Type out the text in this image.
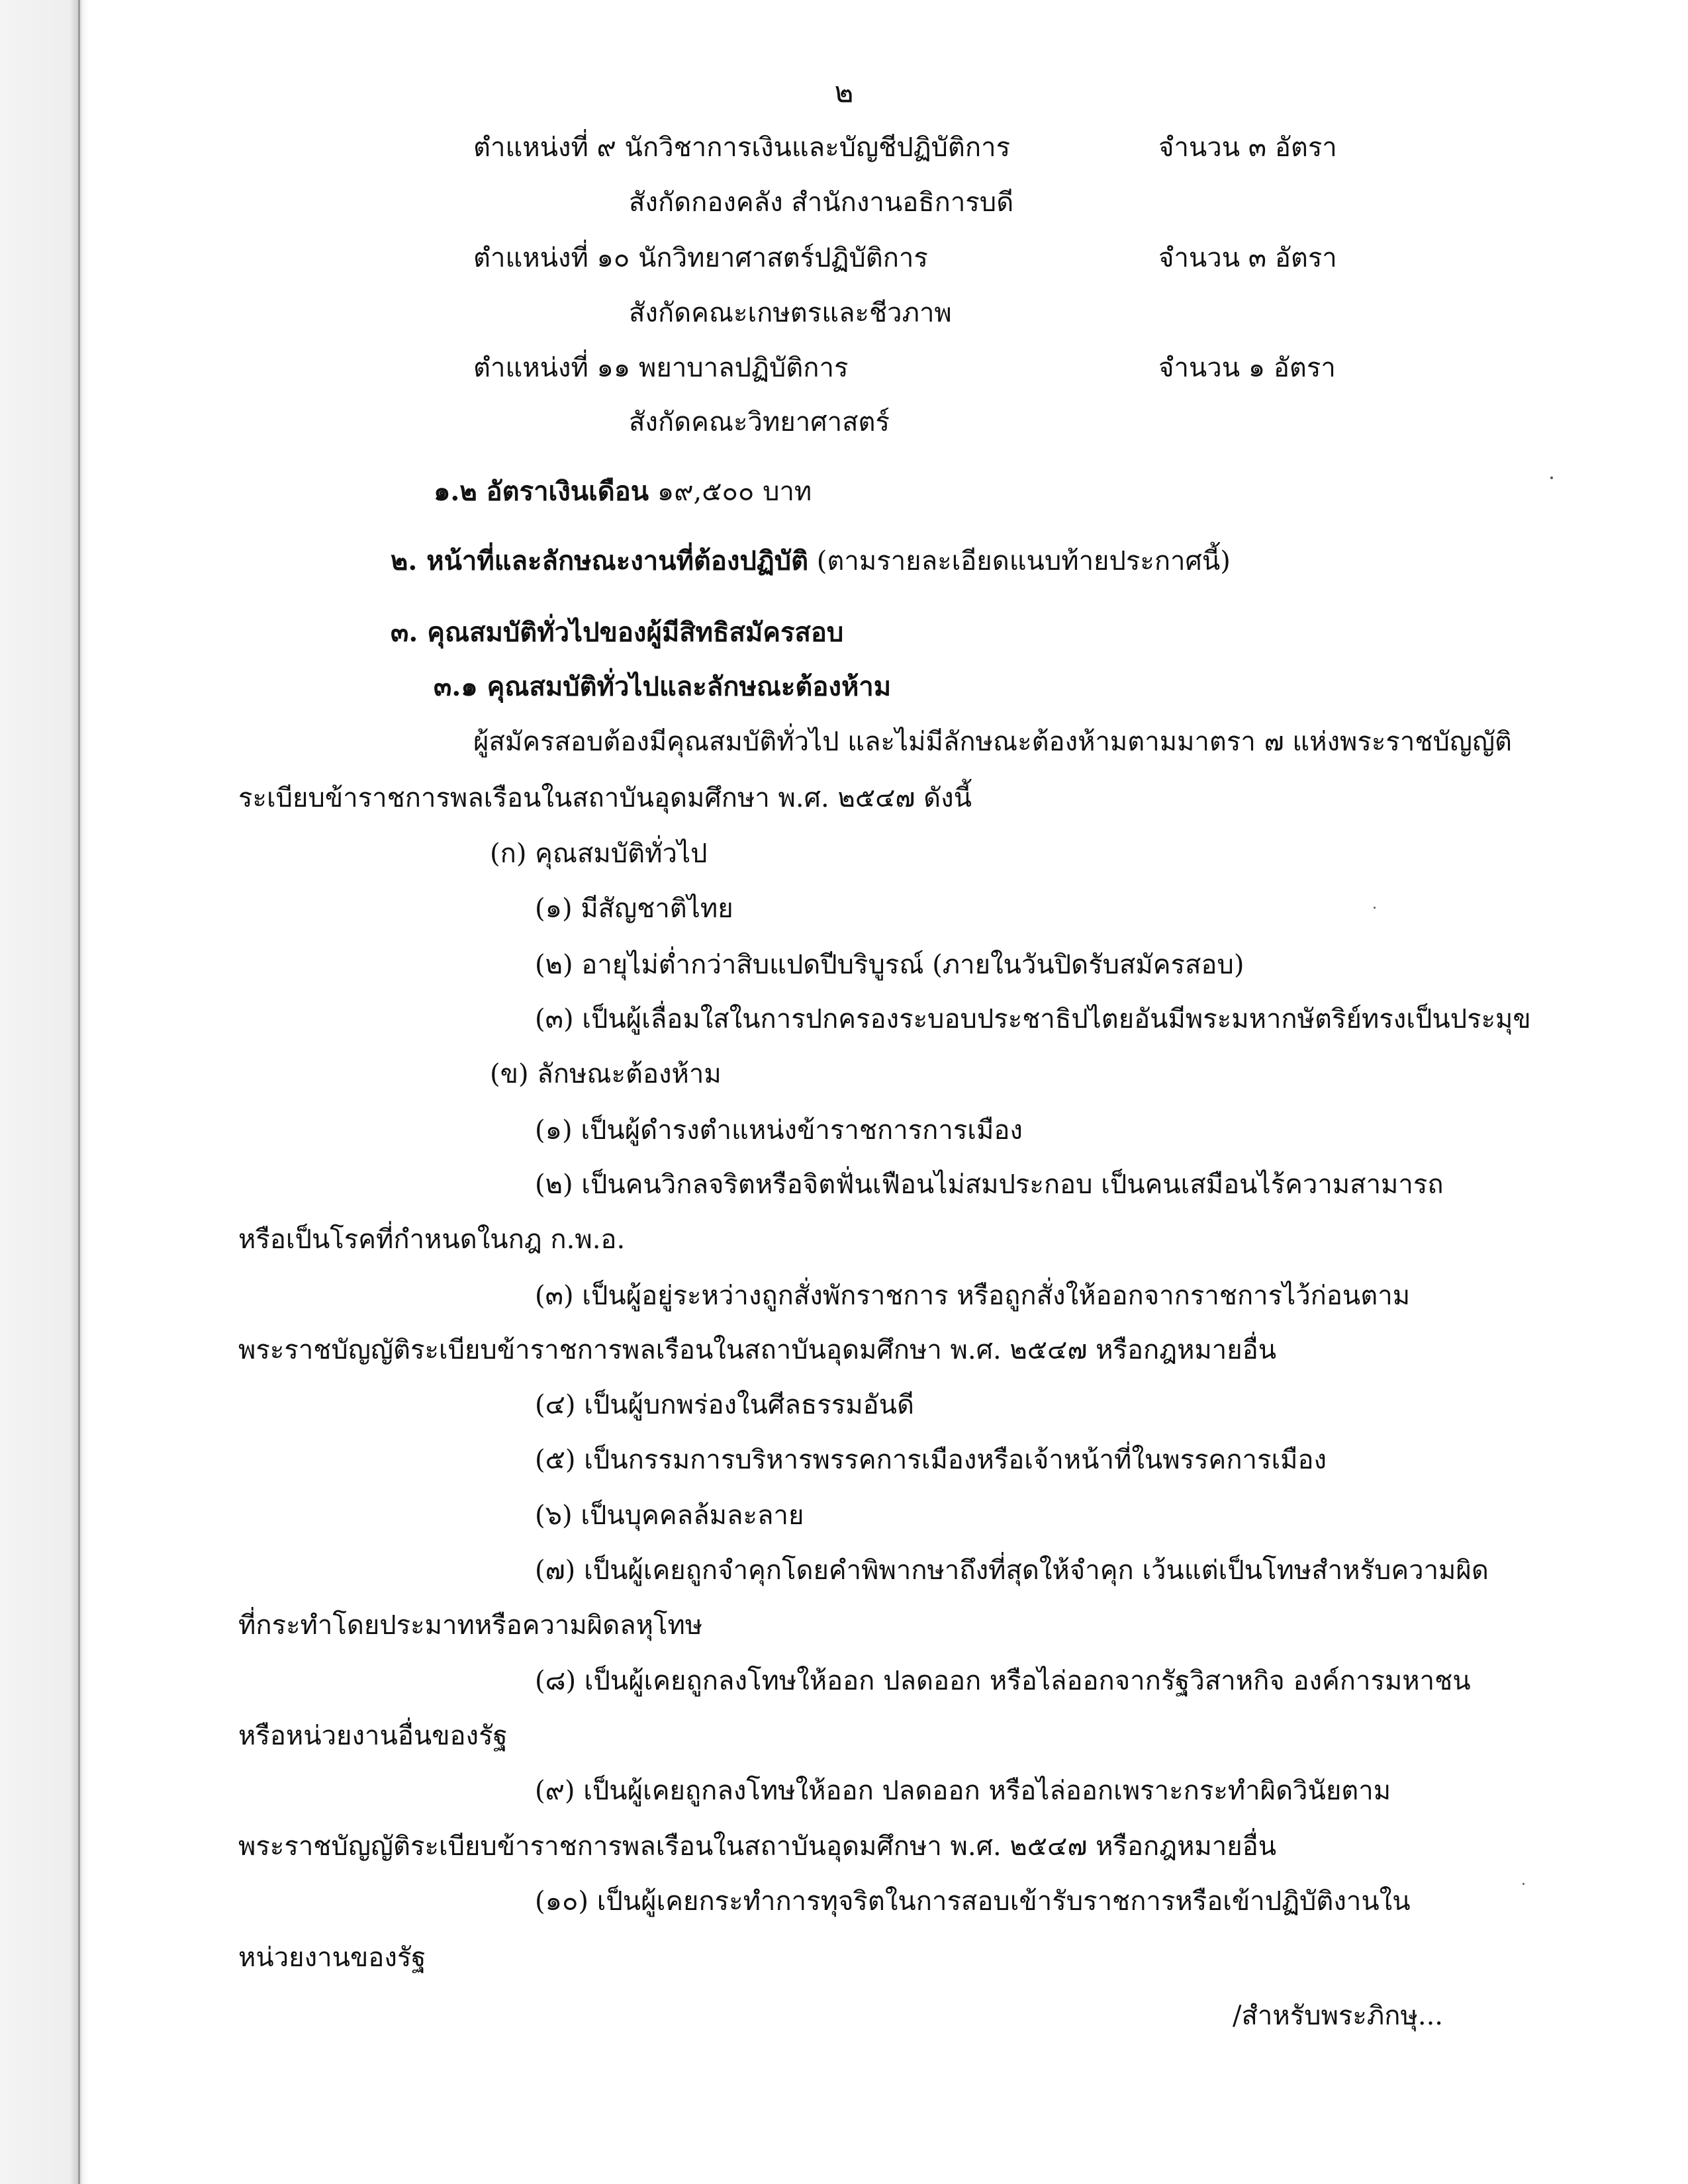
๒
ตำแหน่งที่ ๙ นักวิชาการเงินและบัญชีปฏิบัติการ	จำนวน ๓ อัตรา
สังกัดกองคลัง สำนักงานอธิการบดี
ตำแหน่งที่ ๑๐ นักวิทยาศาสตร์ปฏิบัติการ	จำนวน ๓ อัตรา
สังกัดคณะเกษตรและชีวภาพ
ตำแหน่งที่ ๑๑ พยาบาลปฏิบัติการ	จำนวน ๑ อัตรา
สังกัดคณะวิทยาศาสตร์
๑.๒ อัตราเงินเดือน ๑๙,๕๐๐ บาท
๒. หน้าที่และลักษณะงานที่ต้องปฏิบัติ (ตามรายละเอียดแนบท้ายประกาศนี้)
๓. คุณสมบัติทั่วไปของผู้มีสิทธิสมัครสอบ
๓.๑ คุณสมบัติทั่วไปและลักษณะต้องห้าม
ผู้สมัครสอบต้องมีคุณสมบัติทั่วไป และไม่มีลักษณะต้องห้ามตามมาตรา ๗ แห่งพระราชบัญญัติ
ระเบียบข้าราชการพลเรือนในสถาบันอุดมศึกษา พ.ศ. ๒๕๔๗ ดังนี้
(ก) คุณสมบัติทั่วไป
(๑) มีสัญชาติไทย
(๒) อายุไม่ต่ำกว่าสิบแปดปีบริบูรณ์ (ภายในวันปิดรับสมัครสอบ)
(๓) เป็นผู้เลื่อมใสในการปกครองระบอบประชาธิปไตยอันมีพระมหากษัตริย์ทรงเป็นประมุข
(ข) ลักษณะต้องห้าม
(๑) เป็นผู้ดำรงตำแหน่งข้าราชการการเมือง
(๒) เป็นคนวิกลจริตหรือจิตฟั่นเฟือนไม่สมประกอบ เป็นคนเสมือนไร้ความสามารถ
หรือเป็นโรคที่กำหนดในกฎ ก.พ.อ.
(๓) เป็นผู้อยู่ระหว่างถูกสั่งพักราชการ หรือถูกสั่งให้ออกจากราชการไว้ก่อนตาม
พระราชบัญญัติระเบียบข้าราชการพลเรือนในสถาบันอุดมศึกษา พ.ศ. ๒๕๔๗ หรือกฎหมายอื่น
(๔) เป็นผู้บกพร่องในศีลธรรมอันดี
(๕) เป็นกรรมการบริหารพรรคการเมืองหรือเจ้าหน้าที่ในพรรคการเมือง
(๖) เป็นบุคคลล้มละลาย
(๗) เป็นผู้เคยถูกจำคุกโดยคำพิพากษาถึงที่สุดให้จำคุก เว้นแต่เป็นโทษสำหรับความผิด
ที่กระทำโดยประมาทหรือความผิดลหุโทษ
(๘) เป็นผู้เคยถูกลงโทษให้ออก ปลดออก หรือไล่ออกจากรัฐวิสาหกิจ องค์การมหาชน
หรือหน่วยงานอื่นของรัฐ
(๙) เป็นผู้เคยถูกลงโทษให้ออก ปลดออก หรือไล่ออกเพราะกระทำผิดวินัยตาม
พระราชบัญญัติระเบียบข้าราชการพลเรือนในสถาบันอุดมศึกษา พ.ศ. ๒๕๔๗ หรือกฎหมายอื่น
(๑๐) เป็นผู้เคยกระทำการทุจริตในการสอบเข้ารับราชการหรือเข้าปฏิบัติงานใน
หน่วยงานของรัฐ
/สำหรับพระภิกษุ...
